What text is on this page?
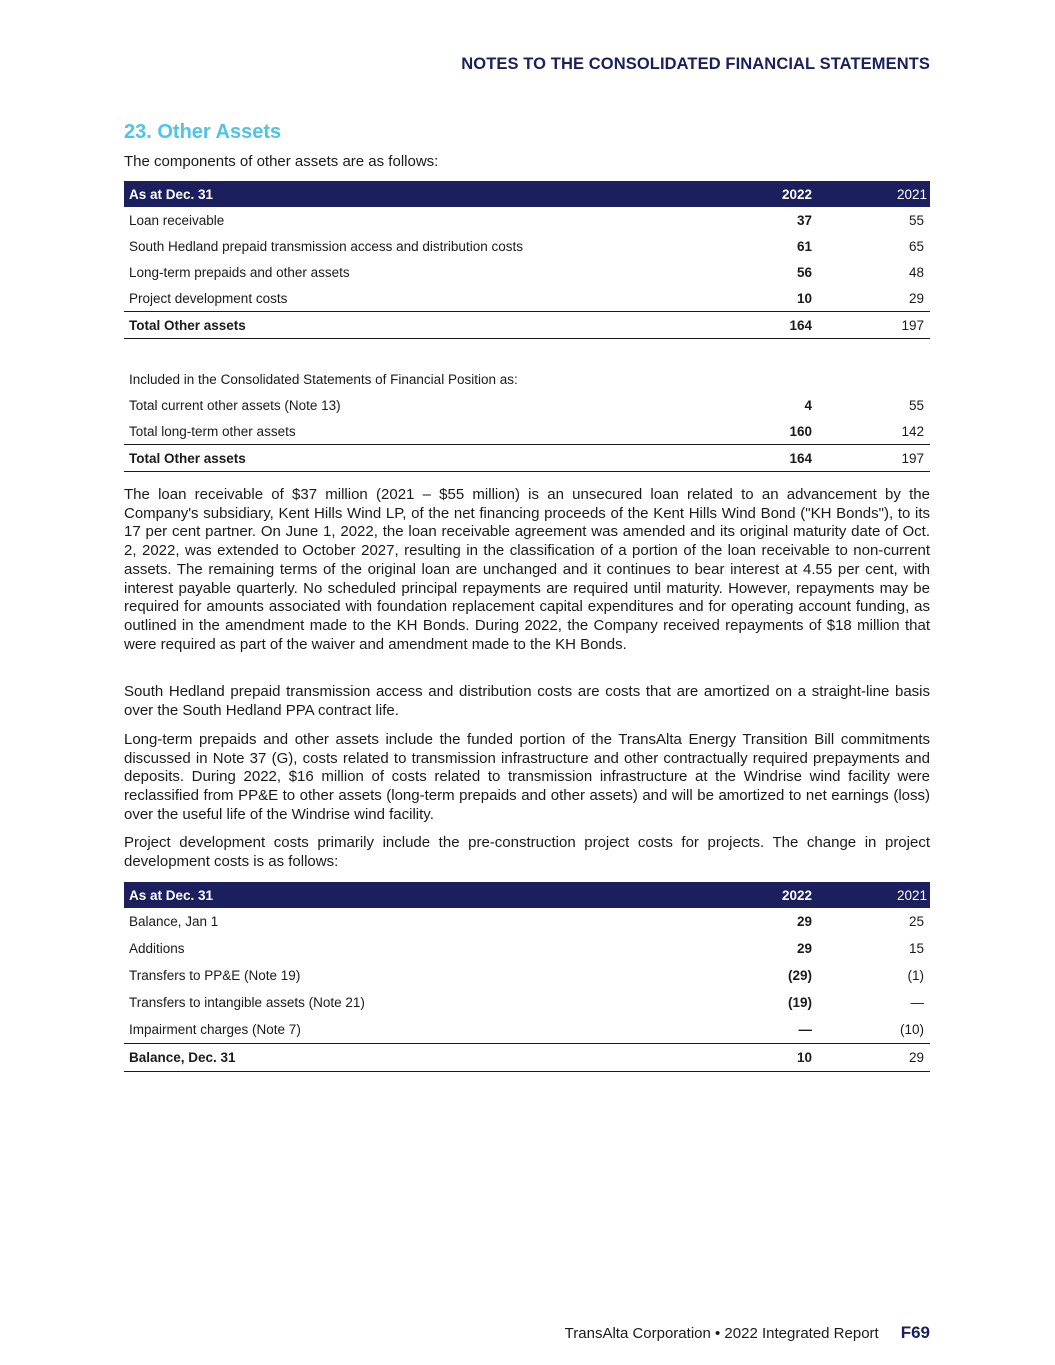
NOTES TO THE CONSOLIDATED FINANCIAL STATEMENTS
23. Other Assets
The components of other assets are as follows:
As at Dec. 31	2022	2021
Loan receivable	37	55
South Hedland prepaid transmission access and distribution costs	61	65
Long-term prepaids and other assets	56	48
Project development costs	10	29
Total Other assets	164	197

Included in the Consolidated Statements of Financial Position as:		
Total current other assets (Note 13)	4	55
Total long-term other assets	160	142
Total Other assets	164	197

The loan receivable of $37 million (2021 – $55 million) is an unsecured loan related to an advancement by the Company's subsidiary, Kent Hills Wind LP, of the net financing proceeds of the Kent Hills Wind Bond ("KH Bonds"), to its 17 per cent partner. On June 1, 2022, the loan receivable agreement was amended and its original maturity date of Oct. 2, 2022, was extended to October 2027, resulting in the classification of a portion of the loan receivable to non-current assets. The remaining terms of the original loan are unchanged and it continues to bear interest at 4.55 per cent, with interest payable quarterly. No scheduled principal repayments are required until maturity. However, repayments may be required for amounts associated with foundation replacement capital expenditures and for operating account funding, as outlined in the amendment made to the KH Bonds. During 2022, the Company received repayments of $18 million that were required as part of the waiver and amendment made to the KH Bonds.

South Hedland prepaid transmission access and distribution costs are costs that are amortized on a straight-line basis over the South Hedland PPA contract life.

Long-term prepaids and other assets include the funded portion of the TransAlta Energy Transition Bill commitments discussed in Note 37 (G), costs related to transmission infrastructure and other contractually required prepayments and deposits. During 2022, $16 million of costs related to transmission infrastructure at the Windrise wind facility were reclassified from PP&E to other assets (long-term prepaids and other assets) and will be amortized to net earnings (loss) over the useful life of the Windrise wind facility.

Project development costs primarily include the pre-construction project costs for projects. The change in project development costs is as follows:

As at Dec. 31	2022	2021
Balance, Jan 1	29	25
Additions	29	15
Transfers to PP&E (Note 19)	(29)	(1)
Transfers to intangible assets (Note 21)	(19)	—
Impairment charges (Note 7)	—	(10)
Balance, Dec. 31	10	29
TransAlta Corporation • 2022 Integrated Report F69
